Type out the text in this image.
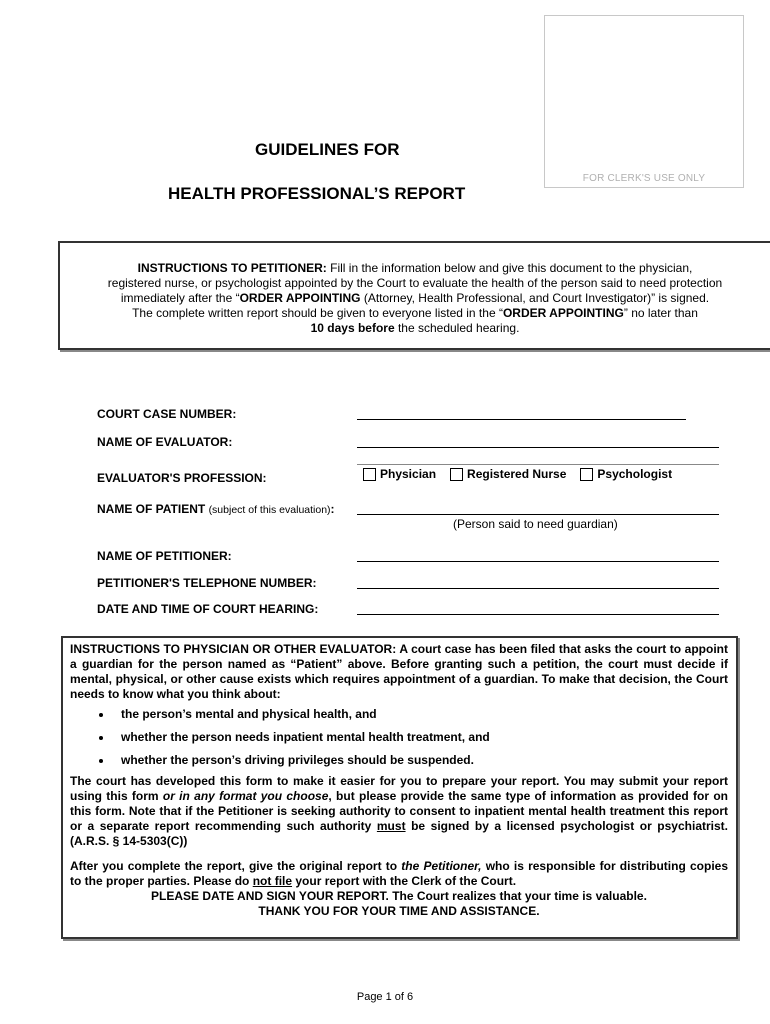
FOR CLERK'S USE ONLY
GUIDELINES FOR
HEALTH PROFESSIONAL’S REPORT

INSTRUCTIONS TO PETITIONER: Fill in the information below and give this document to the physician,

registered nurse, or psychologist appointed by the Court to evaluate the health of the person said to need protection

immediately after the “ORDER APPOINTING (Attorney, Health Professional, and Court Investigator)” is signed.

The complete written report should be given to everyone listed in the “ORDER APPOINTING” no later than

10 days before the scheduled hearing.

COURT CASE NUMBER:
NAME OF EVALUATOR:
EVALUATOR'S PROFESSION:	Physician	Registered Nurse	Psychologist
NAME OF PATIENT (subject of this evaluation):
(Person said to need guardian)
NAME OF PETITIONER:
PETITIONER'S TELEPHONE NUMBER:
DATE AND TIME OF COURT HEARING:

INSTRUCTIONS TO PHYSICIAN OR OTHER EVALUATOR: A court case has been filed that asks the court to appoint a guardian for the person named as “Patient” above. Before granting such a petition, the court must decide if mental, physical, or other cause exists which requires appointment of a guardian. To make that decision, the Court needs to know what you think about:

• the person’s mental and physical health, and
• whether the person needs inpatient mental health treatment, and
• whether the person’s driving privileges should be suspended.

The court has developed this form to make it easier for you to prepare your report. You may submit your report using this form or in any format you choose, but please provide the same type of information as provided for on this form. Note that if the Petitioner is seeking authority to consent to inpatient mental health treatment this report or a separate report recommending such authority must be signed by a licensed psychologist or psychiatrist. (A.R.S. § 14-5303(C))

After you complete the report, give the original report to the Petitioner, who is responsible for distributing copies to the proper parties. Please do not file your report with the Clerk of the Court.

PLEASE DATE AND SIGN YOUR REPORT. The Court realizes that your time is valuable.

THANK YOU FOR YOUR TIME AND ASSISTANCE.

Page 1 of 6
